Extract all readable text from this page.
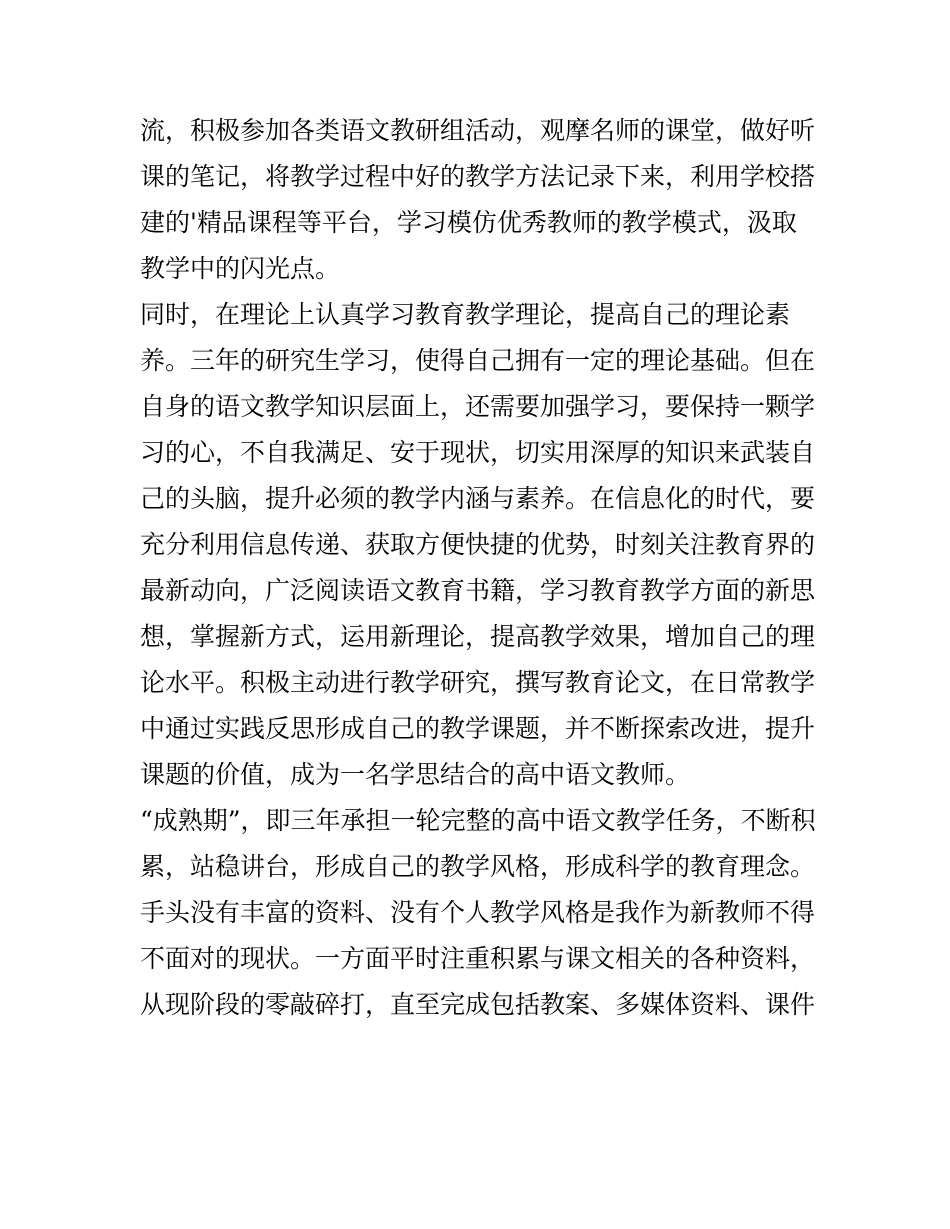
流，积极参加各类语文教研组活动，观摩名师的课堂，做好听
课的笔记，将教学过程中好的教学方法记录下来，利用学校搭
建的'精品课程等平台，学习模仿优秀教师的教学模式，汲取
教学中的闪光点。
同时，在理论上认真学习教育教学理论，提高自己的理论素
养。三年的研究生学习，使得自己拥有一定的理论基础。但在
自身的语文教学知识层面上，还需要加强学习，要保持一颗学
习的心，不自我满足、安于现状，切实用深厚的知识来武装自
己的头脑，提升必须的教学内涵与素养。在信息化的时代，要
充分利用信息传递、获取方便快捷的优势，时刻关注教育界的
最新动向，广泛阅读语文教育书籍，学习教育教学方面的新思
想，掌握新方式，运用新理论，提高教学效果，增加自己的理
论水平。积极主动进行教学研究，撰写教育论文，在日常教学
中通过实践反思形成自己的教学课题，并不断探索改进，提升
课题的价值，成为一名学思结合的高中语文教师。
“成熟期”，即三年承担一轮完整的高中语文教学任务，不断积
累，站稳讲台，形成自己的教学风格，形成科学的教育理念。
手头没有丰富的资料、没有个人教学风格是我作为新教师不得
不面对的现状。一方面平时注重积累与课文相关的各种资料，
从现阶段的零敲碎打，直至完成包括教案、多媒体资料、课件
